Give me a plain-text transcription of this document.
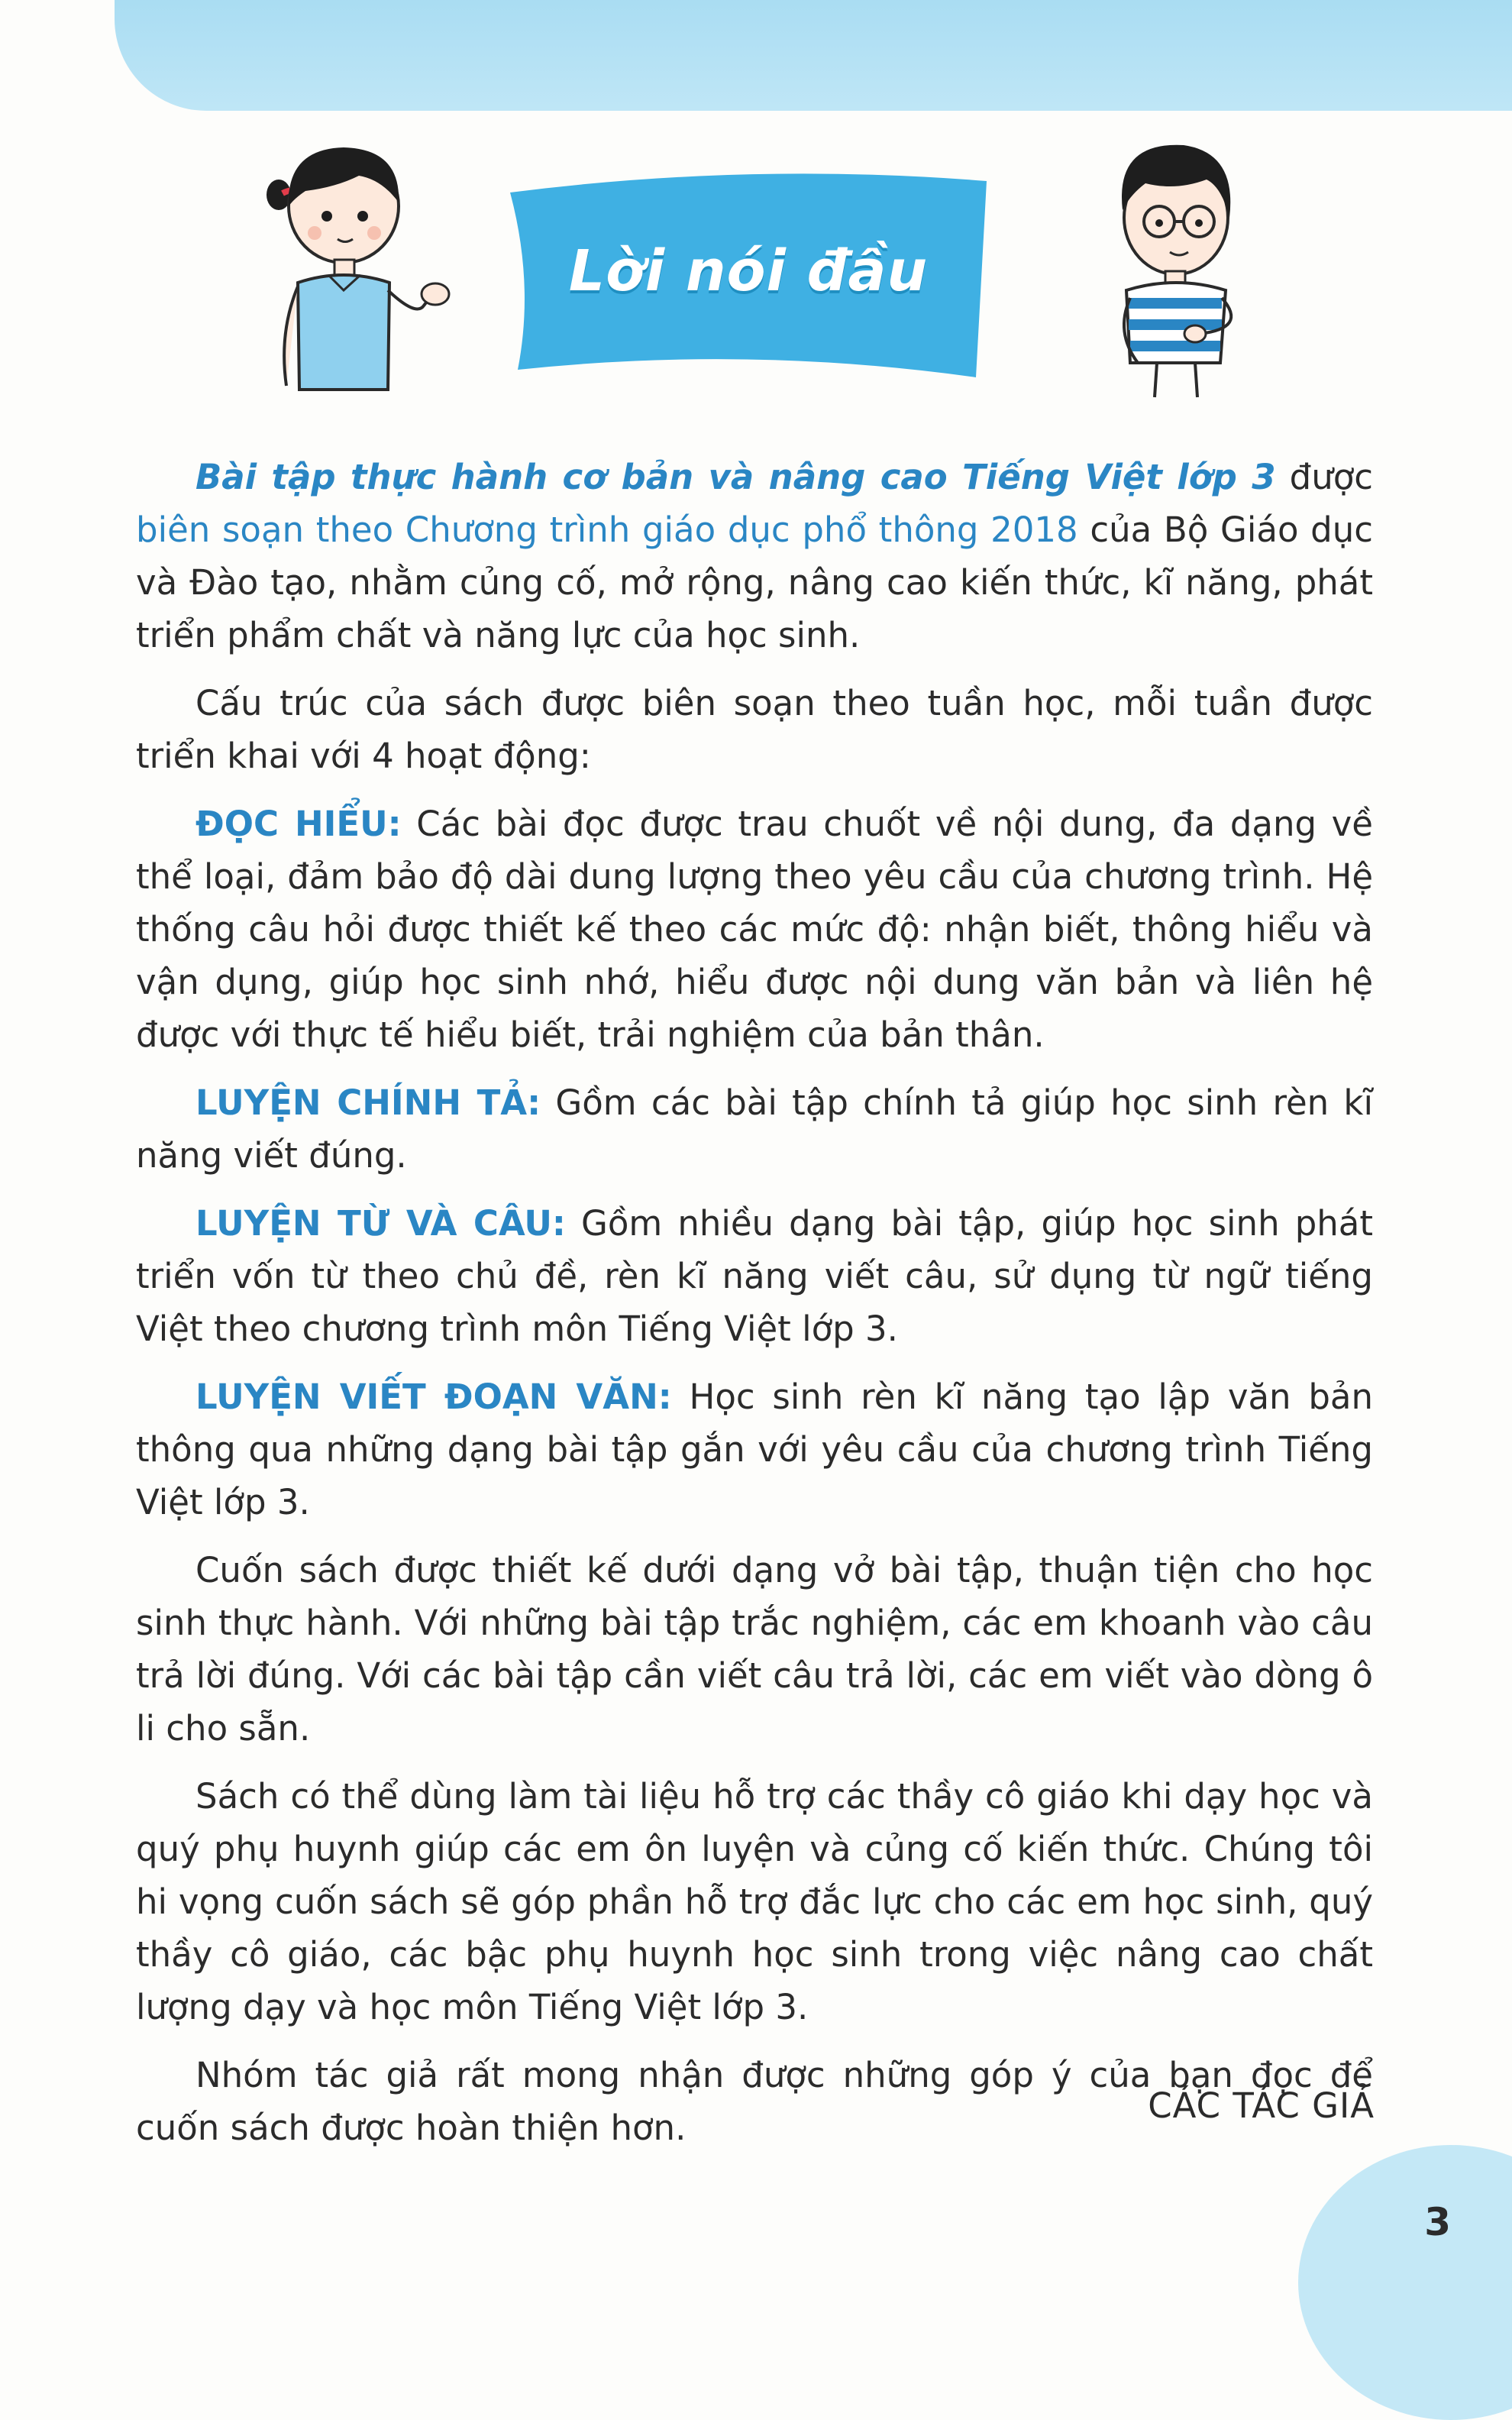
Lời nói đầu

Bài tập thực hành cơ bản và nâng cao Tiếng Việt lớp 3 được biên soạn theo Chương trình giáo dục phổ thông 2018 của Bộ Giáo dục và Đào tạo, nhằm củng cố, mở rộng, nâng cao kiến thức, kĩ năng, phát triển phẩm chất và năng lực của học sinh.

Cấu trúc của sách được biên soạn theo tuần học, mỗi tuần được triển khai với 4 hoạt động:

ĐỌC HIỂU: Các bài đọc được trau chuốt về nội dung, đa dạng về thể loại, đảm bảo độ dài dung lượng theo yêu cầu của chương trình. Hệ thống câu hỏi được thiết kế theo các mức độ: nhận biết, thông hiểu và vận dụng, giúp học sinh nhớ, hiểu được nội dung văn bản và liên hệ được với thực tế hiểu biết, trải nghiệm của bản thân.

LUYỆN CHÍNH TẢ: Gồm các bài tập chính tả giúp học sinh rèn kĩ năng viết đúng.

LUYỆN TỪ VÀ CÂU: Gồm nhiều dạng bài tập, giúp học sinh phát triển vốn từ theo chủ đề, rèn kĩ năng viết câu, sử dụng từ ngữ tiếng Việt theo chương trình môn Tiếng Việt lớp 3.

LUYỆN VIẾT ĐOẠN VĂN: Học sinh rèn kĩ năng tạo lập văn bản thông qua những dạng bài tập gắn với yêu cầu của chương trình Tiếng Việt lớp 3.

Cuốn sách được thiết kế dưới dạng vở bài tập, thuận tiện cho học sinh thực hành. Với những bài tập trắc nghiệm, các em khoanh vào câu trả lời đúng. Với các bài tập cần viết câu trả lời, các em viết vào dòng ô li cho sẵn.

Sách có thể dùng làm tài liệu hỗ trợ các thầy cô giáo khi dạy học và quý phụ huynh giúp các em ôn luyện và củng cố kiến thức. Chúng tôi hi vọng cuốn sách sẽ góp phần hỗ trợ đắc lực cho các em học sinh, quý thầy cô giáo, các bậc phụ huynh học sinh trong việc nâng cao chất lượng dạy và học môn Tiếng Việt lớp 3.

Nhóm tác giả rất mong nhận được những góp ý của bạn đọc để cuốn sách được hoàn thiện hơn.

CÁC TÁC GIẢ
3
